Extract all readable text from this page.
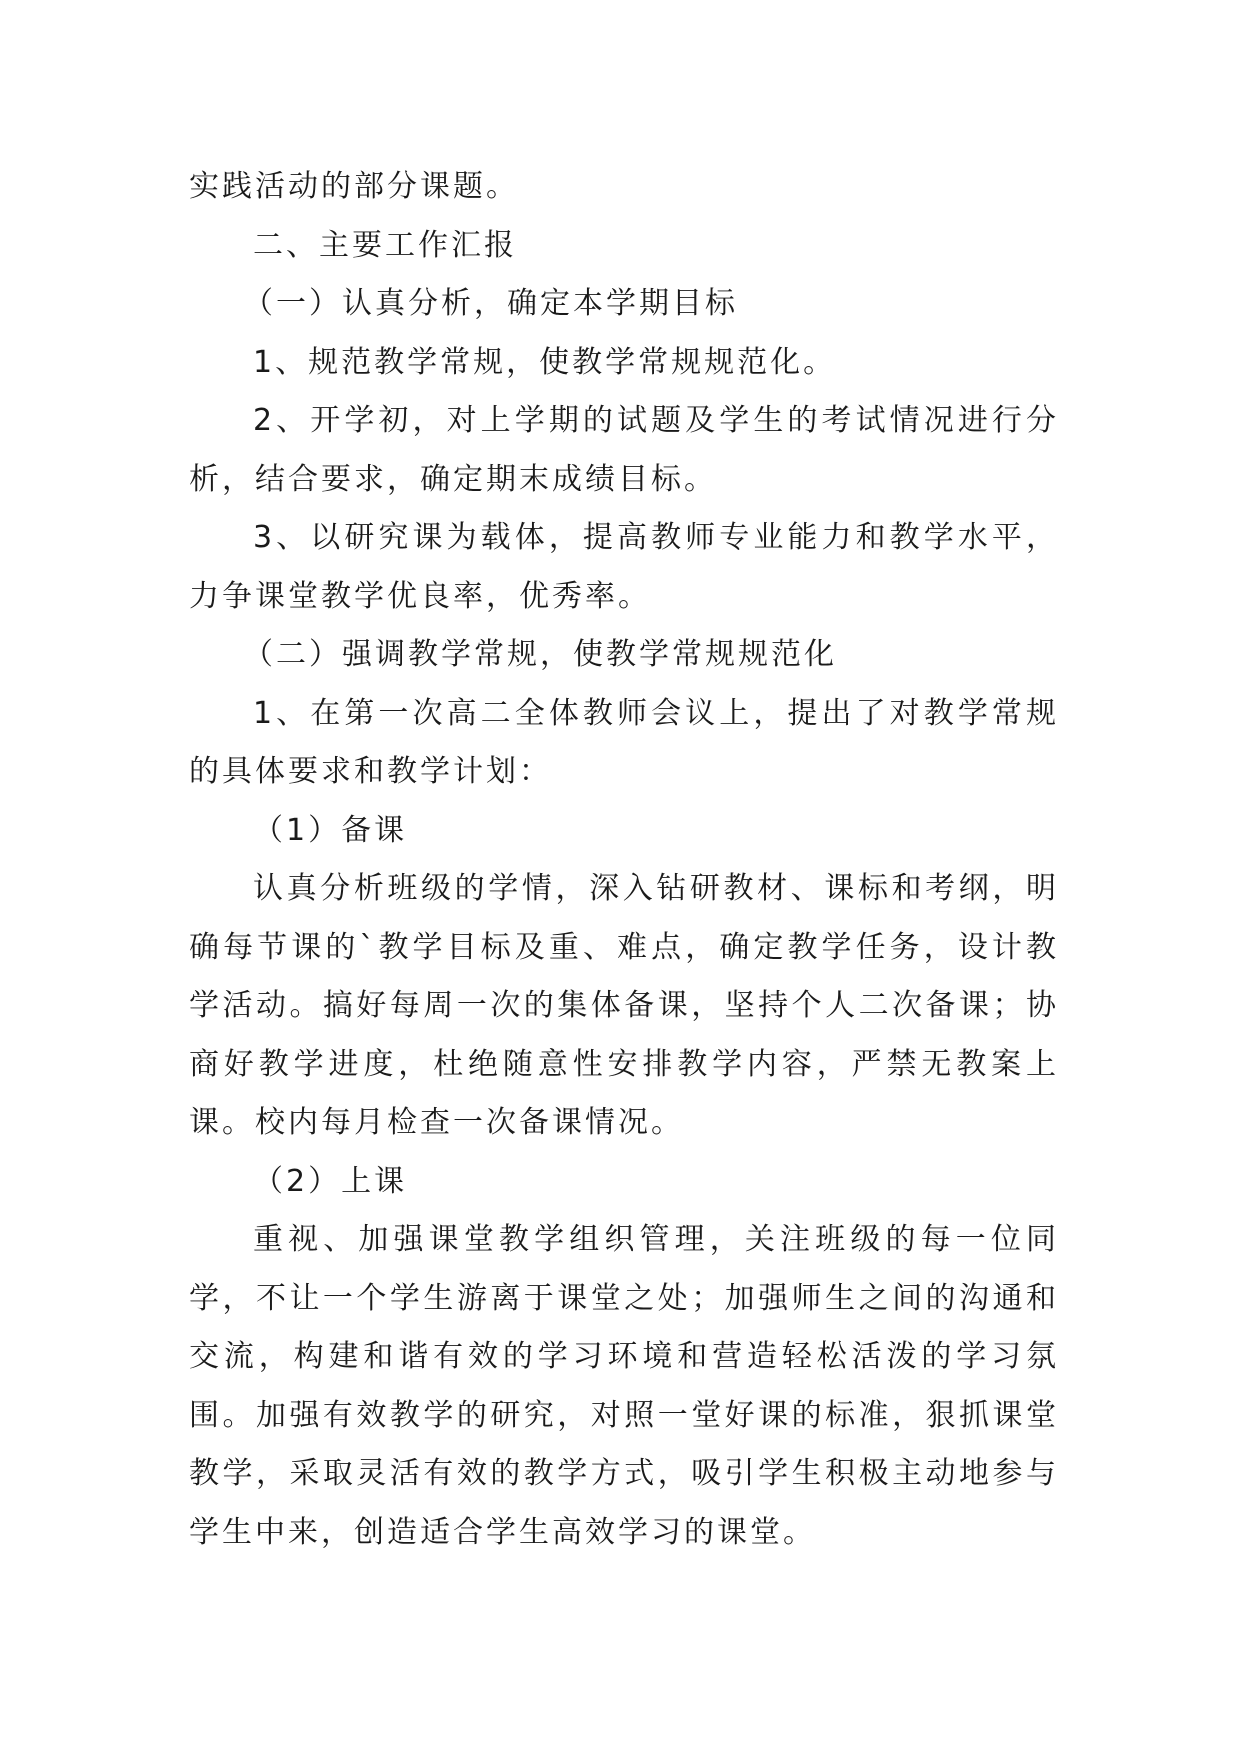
实践活动的部分课题。

二、主要工作汇报

（一）认真分析，确定本学期目标

1、规范教学常规，使教学常规规范化。

2、开学初，对上学期的试题及学生的考试情况进行分析，结合要求，确定期末成绩目标。

3、以研究课为载体，提高教师专业能力和教学水平，力争课堂教学优良率，优秀率。

（二）强调教学常规，使教学常规规范化

1、在第一次高二全体教师会议上，提出了对教学常规的具体要求和教学计划：

（1）备课

认真分析班级的学情，深入钻研教材、课标和考纲，明确每节课的`教学目标及重、难点，确定教学任务，设计教学活动。搞好每周一次的集体备课，坚持个人二次备课；协商好教学进度，杜绝随意性安排教学内容，严禁无教案上课。校内每月检查一次备课情况。

（2）上课

重视、加强课堂教学组织管理，关注班级的每一位同学，不让一个学生游离于课堂之处；加强师生之间的沟通和交流，构建和谐有效的学习环境和营造轻松活泼的学习氛围。加强有效教学的研究，对照一堂好课的标准，狠抓课堂教学，采取灵活有效的教学方式，吸引学生积极主动地参与学生中来，创造适合学生高效学习的课堂。
